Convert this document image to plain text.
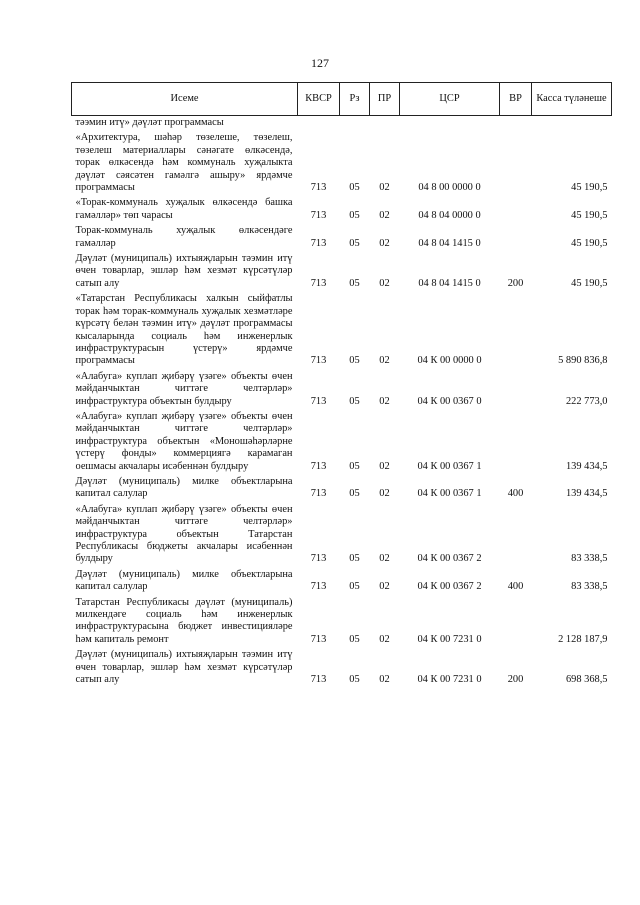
127
Исеме	КВСР	Рз	ПР	ЦСР	ВР	Касса түләнеше
тәэмин итү» дәүләт программасы						
«Архитектура, шәһәр төзелеше, төзелеш, төзелеш материаллары сәнәгате өлкәсендә, торак өлкәсендә һәм коммуналь хуҗалыкта дәүләт сәясәтен гамәлгә ашыру» ярдәмче программасы	713	05	02	04 8 00 0000 0		45 190,5
«Торак-коммуналь хуҗалык өлкәсендә башка гамәлләр» төп чарасы	713	05	02	04 8 04 0000 0		45 190,5
Торак-коммуналь хуҗалык өлкәсендәге гамәлләр	713	05	02	04 8 04 1415 0		45 190,5
Дәүләт (муниципаль) ихтыяҗларын тәэмин итү өчен товарлар, эшләр һәм хезмәт күрсәтүләр сатып алу	713	05	02	04 8 04 1415 0	200	45 190,5
«Татарстан Республикасы халкын сыйфатлы торак һәм торак-коммуналь хуҗалык хезмәтләре күрсәтү белән тәэмин итү» дәүләт программасы кысаларында социаль һәм инженерлык инфраструктурасын үстерү» ярдәмче программасы	713	05	02	04 К 00 0000 0		5 890 836,8
«Алабуга» куплап җибәрү үзәге» объекты өчен мәйданчыктан читтәге челтәрләр» инфраструктура объектын булдыру	713	05	02	04 К 00 0367 0		222 773,0
«Алабуга» куплап җибәрү үзәге» объекты өчен мәйданчыктан читтәге челтәрләр» инфраструктура объектын «Моношәһәрләрне үстерү фонды» коммерциягә карамаган оешмасы акчалары исәбеннән булдыру	713	05	02	04 К 00 0367 1		139 434,5
Дәүләт (муниципаль) милке объектларына капитал салулар	713	05	02	04 К 00 0367 1	400	139 434,5
«Алабуга» куплап җибәрү үзәге» объекты өчен мәйданчыктан читтәге челтәрләр» инфраструктура объектын Татарстан Республикасы бюджеты акчалары исәбеннән булдыру	713	05	02	04 К 00 0367 2		83 338,5
Дәүләт (муниципаль) милке объектларына капитал салулар	713	05	02	04 К 00 0367 2	400	83 338,5
Татарстан Республикасы дәүләт (муниципаль) милкендәге социаль һәм инженерлык инфраструктурасына бюджет инвестицияләре һәм капиталь ремонт	713	05	02	04 К 00 7231 0		2 128 187,9
Дәүләт (муниципаль) ихтыяҗларын тәэмин итү өчен товарлар, эшләр һәм хезмәт күрсәтүләр сатып алу	713	05	02	04 К 00 7231 0	200	698 368,5
